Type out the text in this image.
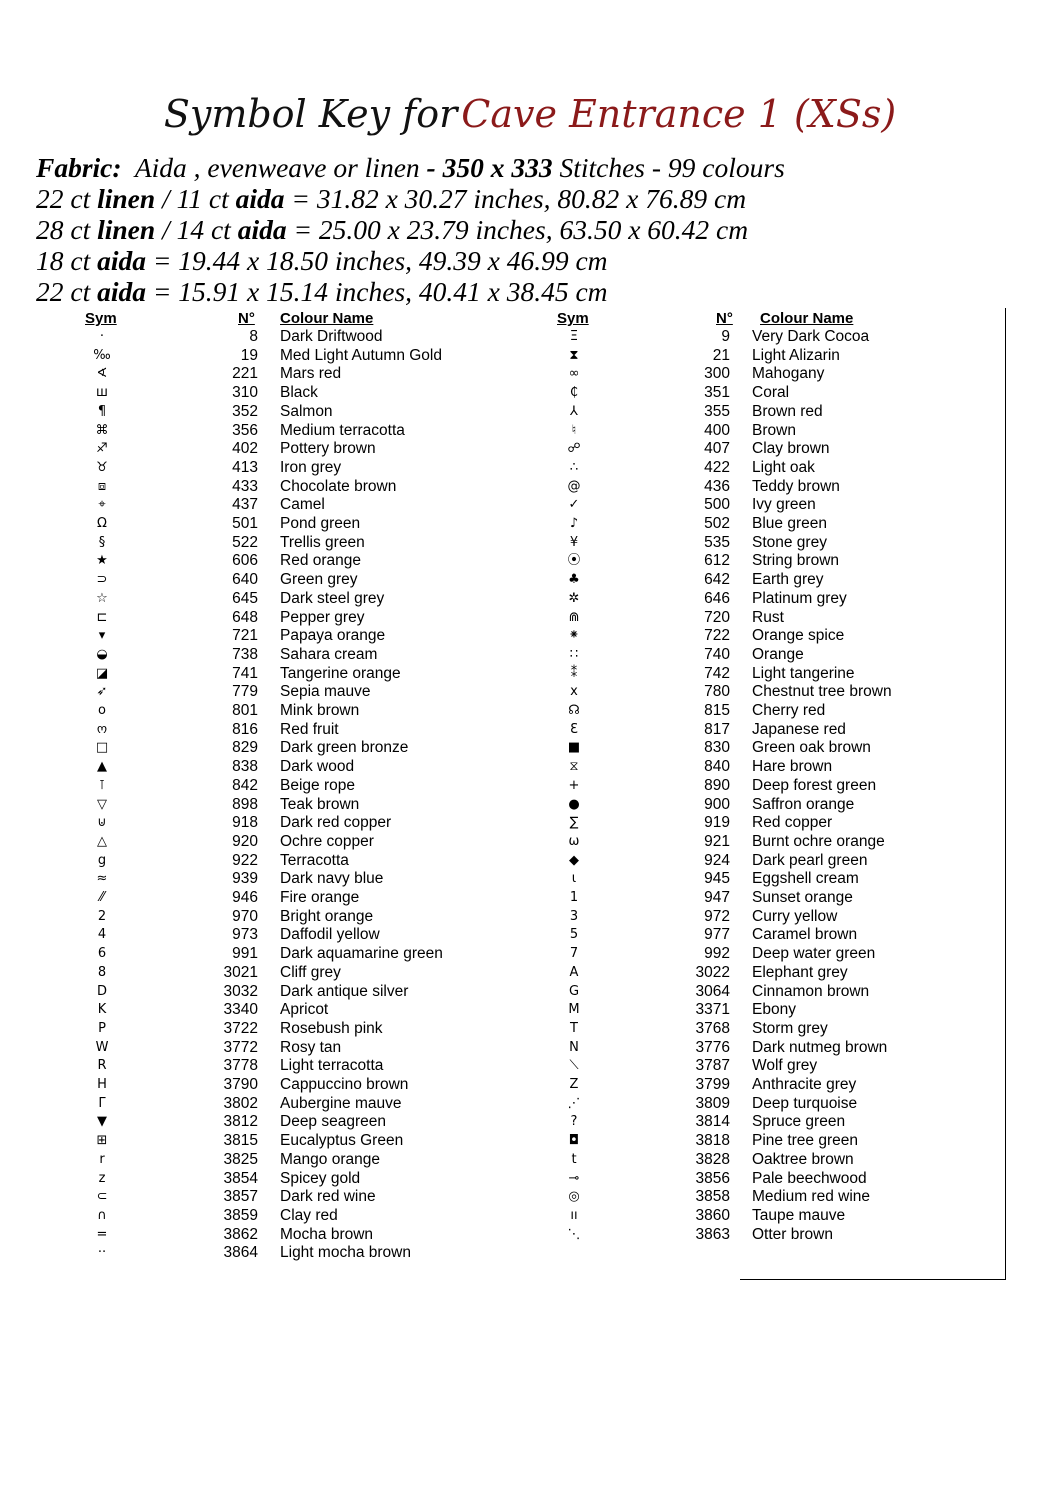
Symbol Key for Cave Entrance 1 (XSs)
Fabric: Aida , evenweave or linen - 350 x 333 Stitches - 99 colours
22 ct linen / 11 ct aida = 31.82 x 30.27 inches, 80.82 x 76.89 cm
28 ct linen / 14 ct aida = 25.00 x 23.79 inches, 63.50 x 60.42 cm
18 ct aida = 19.44 x 18.50 inches, 49.39 x 46.99 cm
22 ct aida = 15.91 x 15.14 inches, 40.41 x 38.45 cm
Sym	N° Colour Name	Sym	N° Colour Name
·	8 Dark Driftwood
‰	19 Med Light Autumn Gold
∢	221 Mars red
ш	310 Black
¶	352 Salmon
⌘	356 Medium terracotta
♐	402 Pottery brown
♉	413 Iron grey
⧈	433 Chocolate brown
⌖	437 Camel
Ω	501 Pond green
§	522 Trellis green
★	606 Red orange
⊃	640 Green grey
☆	645 Dark steel grey
⊏	648 Pepper grey
▾	721 Papaya orange
◒	738 Sahara cream
◪	741 Tangerine orange
➶	779 Sepia mauve
o	801 Mink brown
ო	816 Red fruit
□	829 Dark green bronze
▲	838 Dark wood
⊺	842 Beige rope
▽	898 Teak brown
⊍	918 Dark red copper
△	920 Ochre copper
g	922 Terracotta
≈	939 Dark navy blue
⁄⁄	946 Fire orange
2	970 Bright orange
4	973 Daffodil yellow
6	991 Dark aquamarine green
8	3021 Cliff grey
D	3032 Dark antique silver
K	3340 Apricot
P	3722 Rosebush pink
W	3772 Rosy tan
R	3778 Light terracotta
H	3790 Cappuccino brown
Γ	3802 Aubergine mauve
▼	3812 Deep seagreen
⊞	3815 Eucalyptus Green
r	3825 Mango orange
z	3854 Spicey gold
⊂	3857 Dark red wine
∩	3859 Clay red
=	3862 Mocha brown
··	3864 Light mocha brown
Ξ	9 Very Dark Cocoa
⧗	21 Light Alizarin
∞	300 Mahogany
₵	351 Coral
⅄	355 Brown red
♮	400 Brown
☍	407 Clay brown
∴	422 Light oak
@	436 Teddy brown
✓	500 Ivy green
♪	502 Blue green
¥	535 Stone grey
⦿	612 String brown
♣	642 Earth grey
✲	646 Platinum grey
⋒	720 Rust
⁕	722 Orange spice
∷	740 Orange
⁑	742 Light tangerine
x	780 Chestnut tree brown
☊	815 Cherry red
Ɛ	817 Japanese red
■	830 Green oak brown
⧖	840 Hare brown
+	890 Deep forest green
●	900 Saffron orange
∑	919 Red copper
ω	921 Burnt ochre orange
◆	924 Dark pearl green
ɩ	945 Eggshell cream
1	947 Sunset orange
3	972 Curry yellow
5	977 Caramel brown
7	992 Deep water green
A	3022 Elephant grey
G	3064 Cinnamon brown
M	3371 Ebony
T	3768 Storm grey
N	3776 Dark nutmeg brown
⟍	3787 Wolf grey
Z	3799 Anthracite grey
⋰	3809 Deep turquoise
?	3814 Spruce green
◘	3818 Pine tree green
t	3828 Oaktree brown
⊸	3856 Pale beechwood
◎	3858 Medium red wine
ıı	3860 Taupe mauve
⋱	3863 Otter brown
